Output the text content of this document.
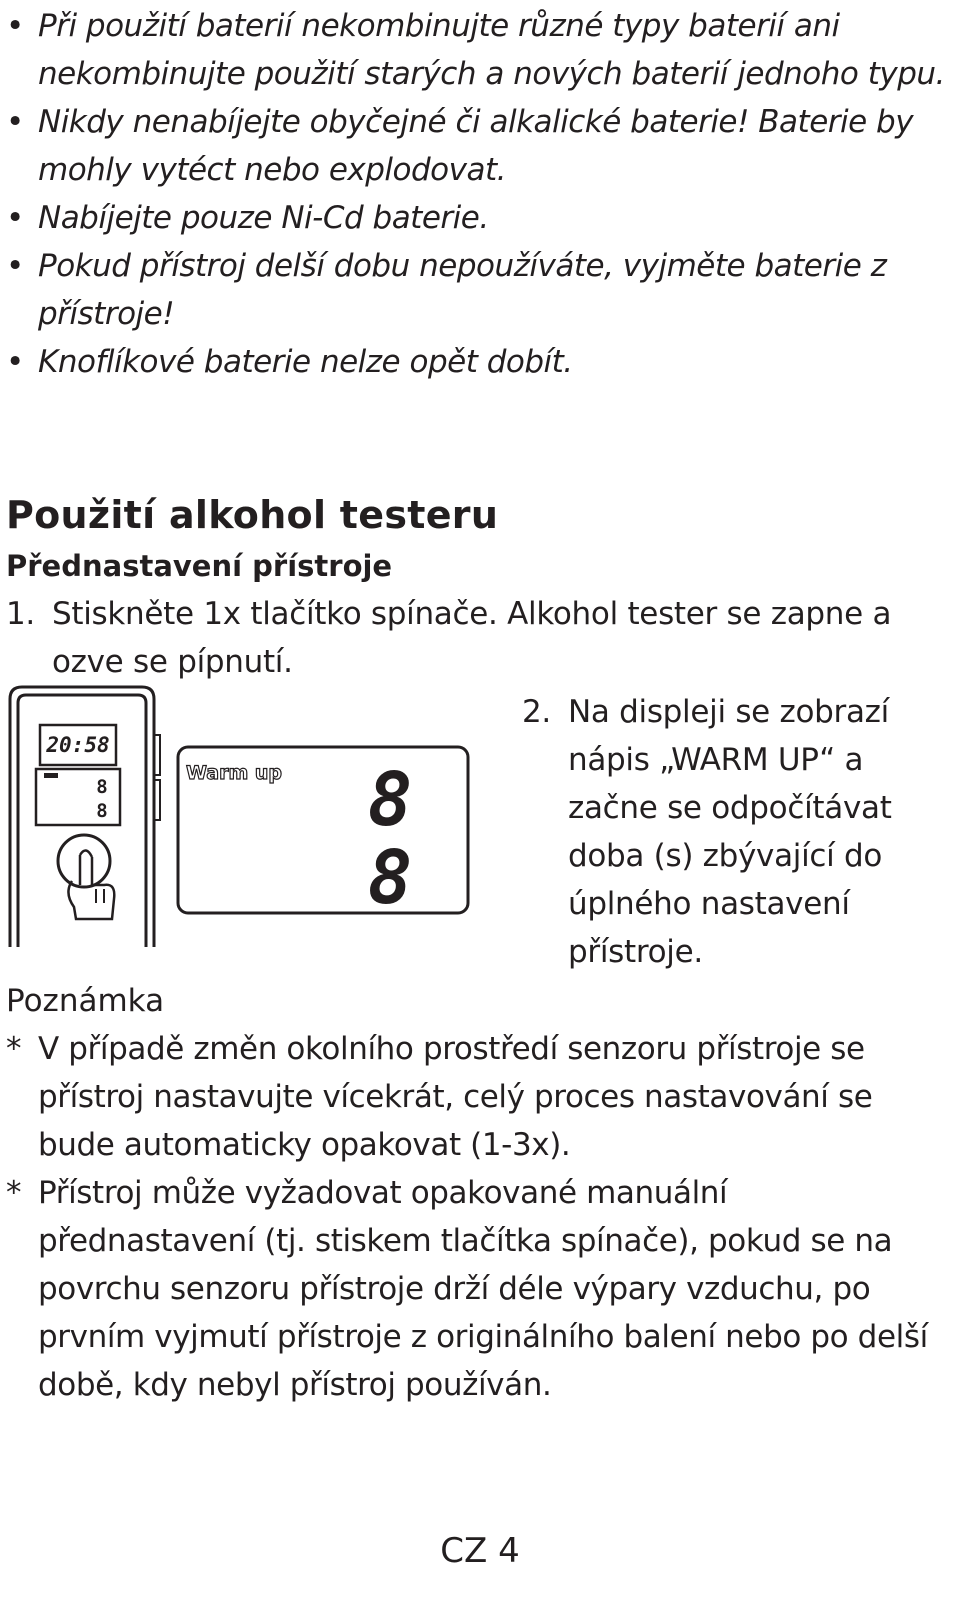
• Při použití baterií nekombinujte různé typy baterií ani nekombinujte použití starých a nových baterií jednoho typu.
• Nikdy nenabíjejte obyčejné či alkalické baterie! Baterie by mohly vytéct nebo explodovat.
• Nabíjejte pouze Ni-Cd baterie.
• Pokud přístroj delší dobu nepoužíváte, vyjměte baterie z přístroje!
• Knoflíkové baterie nelze opět dobít.
Použití alkohol testeru
Přednastavení přístroje
1. Stiskněte 1x tlačítko spínače. Alkohol tester se zapne a ozve se pípnutí.
20:58
8
8
Warm up 8
8
2. Na displeji se zobrazí nápis „WARM UP“ a začne se odpočítávat doba (s) zbývající do úplného nastavení přístroje.
Poznámka
* V případě změn okolního prostředí senzoru přístroje se přístroj nastavujte vícekrát, celý proces nastavování se bude automaticky opakovat (1-3x).
* Přístroj může vyžadovat opakované manuální přednastavení (tj. stiskem tlačítka spínače), pokud se na povrchu senzoru přístroje drží déle výpary vzduchu, po prvním vyjmutí přístroje z originálního balení nebo po delší době, kdy nebyl přístroj používán.
CZ 4
